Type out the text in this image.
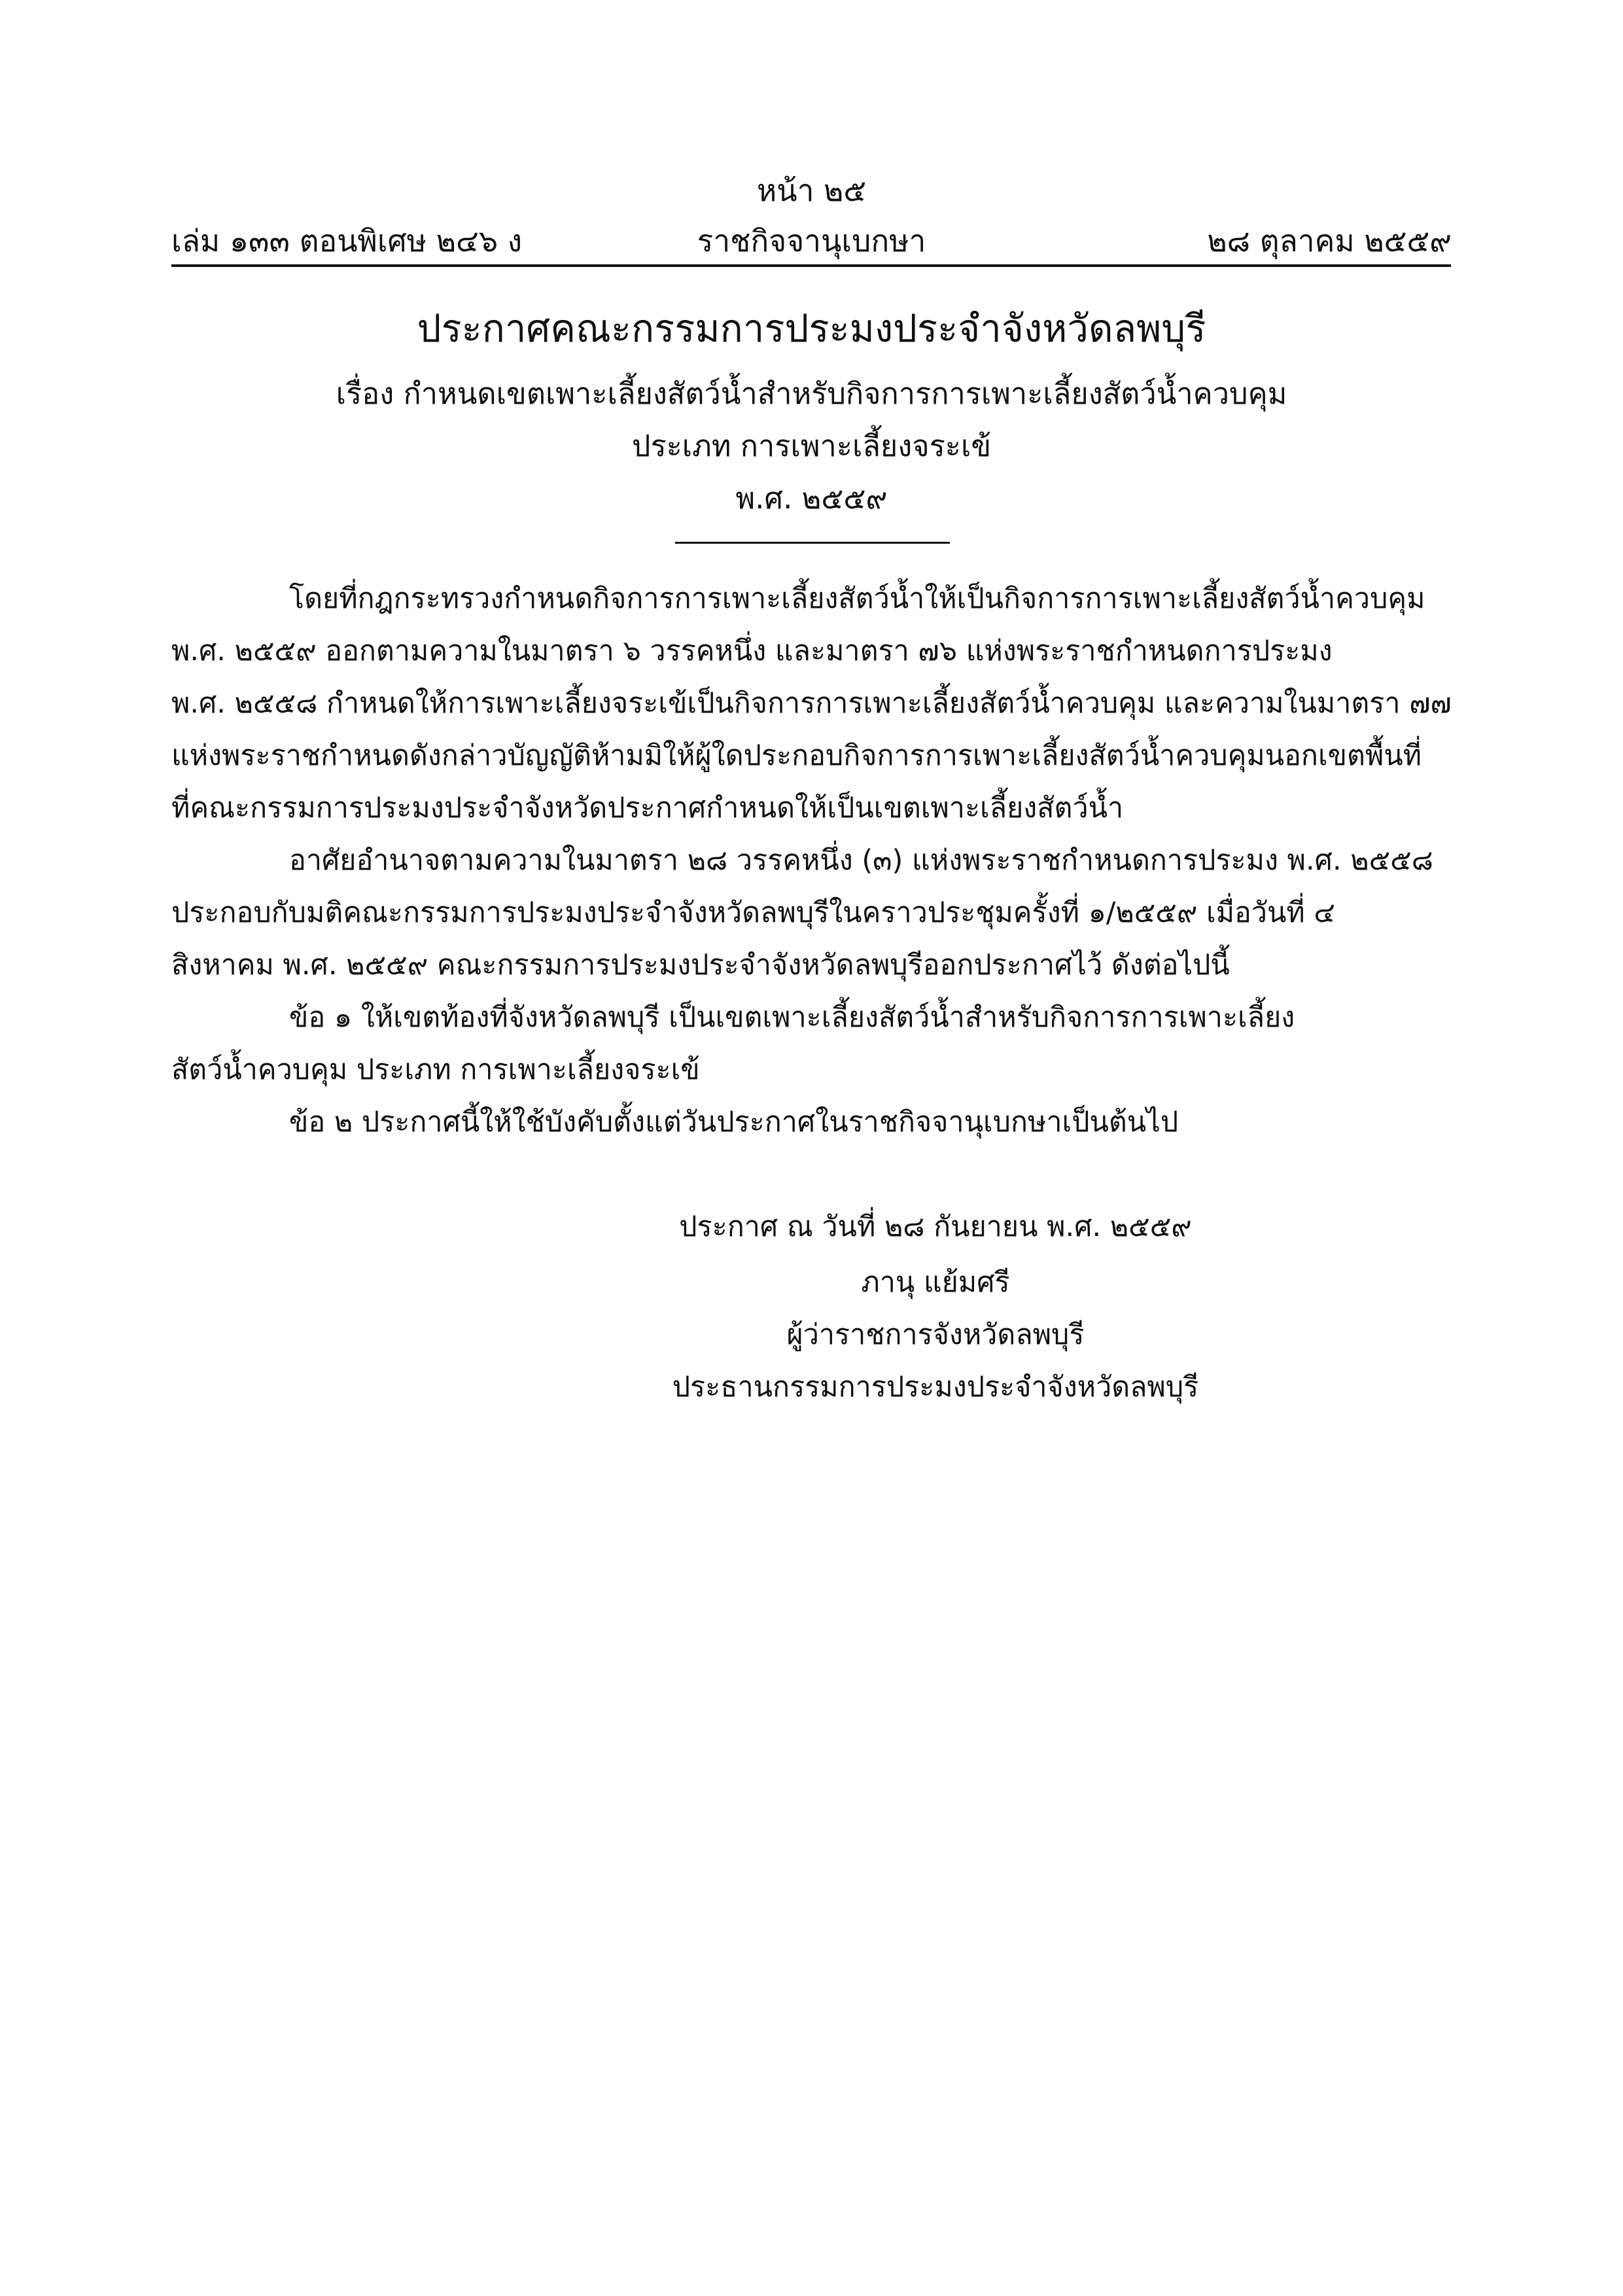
หน้า ๒๕
เล่ม ๑๓๓ ตอนพิเศษ ๒๔๖ ง	ราชกิจจานุเบกษา	๒๘ ตุลาคม ๒๕๕๙
ประกาศคณะกรรมการประมงประจำจังหวัดลพบุรี
เรื่อง กำหนดเขตเพาะเลี้ยงสัตว์น้ำสำหรับกิจการการเพาะเลี้ยงสัตว์น้ำควบคุม
ประเภท การเพาะเลี้ยงจระเข้
พ.ศ. ๒๕๕๙
โดยที่กฎกระทรวงกำหนดกิจการการเพาะเลี้ยงสัตว์น้ำให้เป็นกิจการการเพาะเลี้ยงสัตว์น้ำควบคุม
พ.ศ. ๒๕๕๙ ออกตามความในมาตรา ๖ วรรคหนึ่ง และมาตรา ๗๖ แห่งพระราชกำหนดการประมง
พ.ศ. ๒๕๕๘ กำหนดให้การเพาะเลี้ยงจระเข้เป็นกิจการการเพาะเลี้ยงสัตว์น้ำควบคุม และความในมาตรา ๗๗
แห่งพระราชกำหนดดังกล่าวบัญญัติห้ามมิให้ผู้ใดประกอบกิจการการเพาะเลี้ยงสัตว์น้ำควบคุมนอกเขตพื้นที่
ที่คณะกรรมการประมงประจำจังหวัดประกาศกำหนดให้เป็นเขตเพาะเลี้ยงสัตว์น้ำ
อาศัยอำนาจตามความในมาตรา ๒๘ วรรคหนึ่ง (๓) แห่งพระราชกำหนดการประมง พ.ศ. ๒๕๕๘
ประกอบกับมติคณะกรรมการประมงประจำจังหวัดลพบุรีในคราวประชุมครั้งที่ ๑/๒๕๕๙ เมื่อวันที่ ๔
สิงหาคม พ.ศ. ๒๕๕๙ คณะกรรมการประมงประจำจังหวัดลพบุรีออกประกาศไว้ ดังต่อไปนี้
ข้อ ๑ ให้เขตท้องที่จังหวัดลพบุรี เป็นเขตเพาะเลี้ยงสัตว์น้ำสำหรับกิจการการเพาะเลี้ยง
สัตว์น้ำควบคุม ประเภท การเพาะเลี้ยงจระเข้
ข้อ ๒ ประกาศนี้ให้ใช้บังคับตั้งแต่วันประกาศในราชกิจจานุเบกษาเป็นต้นไป
ประกาศ ณ วันที่ ๒๘ กันยายน พ.ศ. ๒๕๕๙
ภานุ แย้มศรี
ผู้ว่าราชการจังหวัดลพบุรี
ประธานกรรมการประมงประจำจังหวัดลพบุรี
